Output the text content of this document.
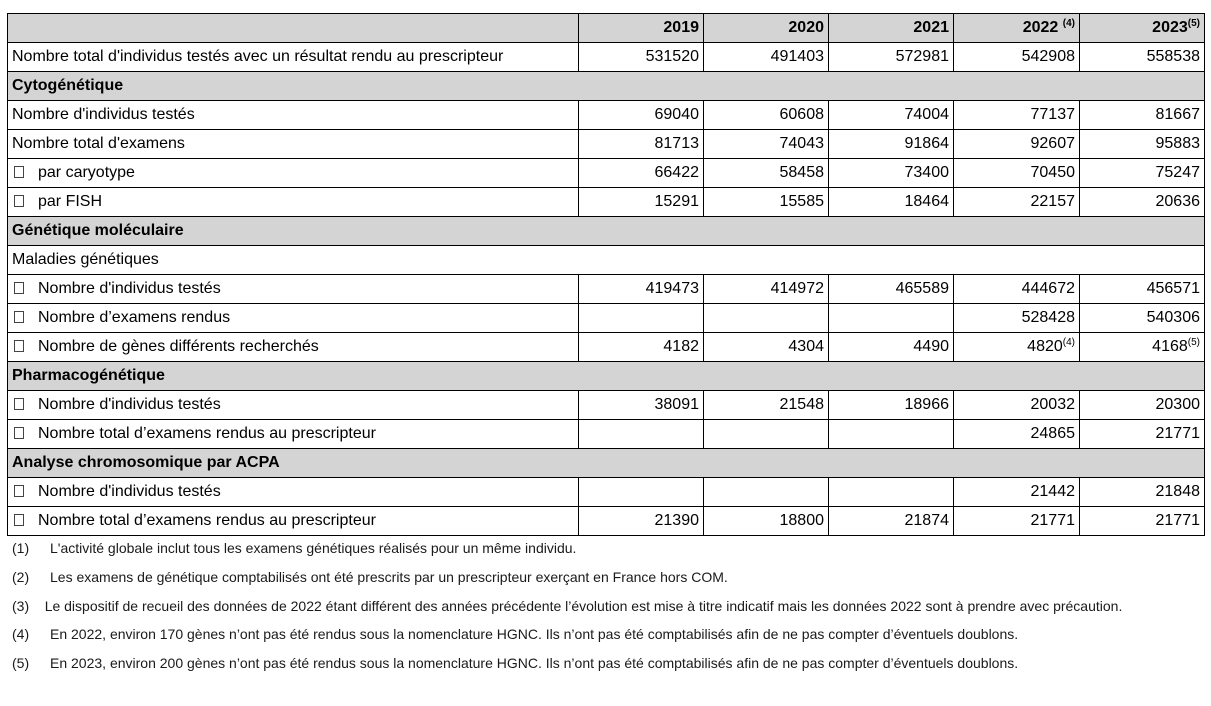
	2019	2020	2021	2022 $^{(4)}$	2023$^{(5)}$
Nombre total d'individus testés avec un résultat rendu au prescripteur	531520	491403	572981	542908	558538
Cytogénétique					
Nombre d'individus testés	69040	60608	74004	77137	81667
Nombre total d'examens	81713	74043	91864	92607	95883
par caryotype	66422	58458	73400	70450	75247
par FISH	15291	15585	18464	22157	20636
Génétique moléculaire					
Maladies génétiques					
Nombre d'individus testés	419473	414972	465589	444672	456571
Nombre d’examens rendus				528428	540306
Nombre de gènes différents recherchés	4182	4304	4490	4820$^{(4)}$	4168$^{(5)}$
Pharmacogénétique					
Nombre d'individus testés	38091	21548	18966	20032	20300
Nombre total d’examens rendus au prescripteur				24865	21771
Analyse chromosomique par ACPA					
Nombre d'individus testés				21442	21848
Nombre total d’examens rendus au prescripteur	21390	18800	21874	21771	21771
(1) L'activité globale inclut tous les examens génétiques réalisés pour un même individu.
(2) Les examens de génétique comptabilisés ont été prescrits par un prescripteur exerçant en France hors COM.
(3) Le dispositif de recueil des données de 2022 étant différent des années précédente l’évolution est mise à titre indicatif mais les données 2022 sont à prendre avec précaution.
(4) En 2022, environ 170 gènes n’ont pas été rendus sous la nomenclature HGNC. Ils n’ont pas été comptabilisés afin de ne pas compter d’éventuels doublons.
(5) En 2023, environ 200 gènes n’ont pas été rendus sous la nomenclature HGNC. Ils n’ont pas été comptabilisés afin de ne pas compter d’éventuels doublons.
